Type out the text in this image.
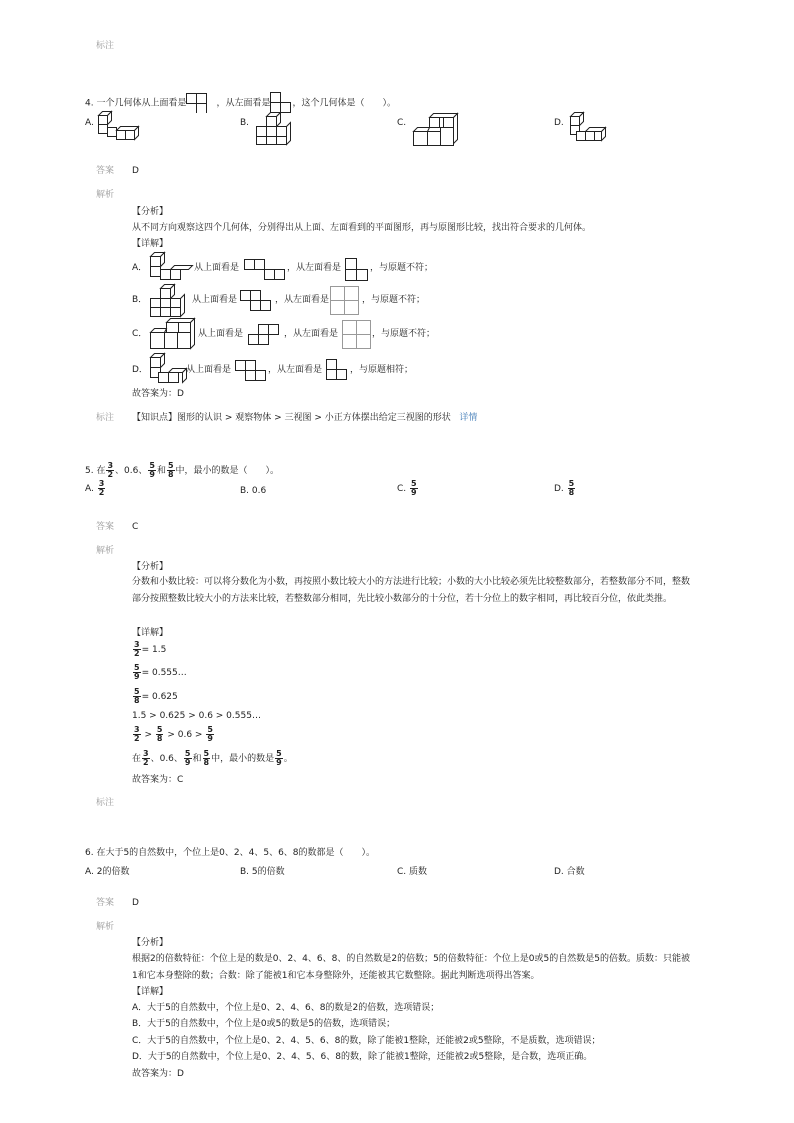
标注
4. 一个几何体从上面看是	，从左面看是 ，这个几何体是（　　）。
A.	B.	C.	D.
答案 D
解析
【分析】
从不同方向观察这四个几何体，分别得出从上面、左面看到的平面图形，再与原图形比较，找出符合要求的几何体。
【详解】
A．	从上面看是	，从左面看是	，与原题不符；
B．	从上面看是	，从左面看是	，与原题不符；
C．	从上面看是	，从左面看是	，与原题不符；
D．	从上面看是	，从左面看是	，与原题相符；
故答案为：D
标注 【知识点】图形的认识 > 观察物体 > 三视图 > 小正方体摆出给定三视图的形状 详情
5. 在 $\frac{3}{2}$ 、0.6、 $\frac{5}{9}$ 和 $\frac{5}{8}$ 中，最小的数是（　　）。
A. $\frac{3}{2}$	B. 0.6	C. $\frac{5}{9}$	D. $\frac{5}{8}$
答案 C
解析
【分析】
分数和小数比较：可以将分数化为小数，再按照小数比较大小的方法进行比较；小数的大小比较必须先比较整数部分，若整数部分不同，整数部分按照整数比较大小的方法来比较，若整数部分相同，先比较小数部分的十分位，若十分位上的数字相同，再比较百分位，依此类推。
【详解】
$\frac{3}{2} = 1.5$
$\frac{5}{9}$ = 0.555…
$\frac{5}{8} = 0.625$
1.5 > 0.625 > 0.6 > 0.555…
$\frac{3}{2} > \frac{5}{8} > 0.6 > \frac{5}{9}$
在 $\frac{3}{2}$ 、0.6、 $\frac{5}{9}$ 和 $\frac{5}{8}$ 中，最小的数是 $\frac{5}{9}$ 。
故答案为：C
标注
6. 在大于5的自然数中，个位上是0、2、4、5、6、8的数都是（　　）。
A. 2的倍数	B. 5的倍数	C. 质数	D. 合数
答案 D
解析
【分析】
根据2的倍数特征：个位上是的数是0、2、4、6、8、的自然数是2的倍数；5的倍数特征：个位上是0或5的自然数是5的倍数。质数：只能被1和它本身整除的数；合数：除了能被1和它本身整除外，还能被其它数整除。据此判断选项得出答案。
【详解】
A．大于5的自然数中，个位上是0、2、4、6、8的数是2的倍数，选项错误；
B．大于5的自然数中，个位上是0或5的数是5的倍数，选项错误；
C．大于5的自然数中，个位上是0、2、4、5、6、8的数，除了能被1整除，还能被2或5整除，不是质数，选项错误；
D．大于5的自然数中，个位上是0、2、4、5、6、8的数，除了能被1整除，还能被2或5整除，是合数，选项正确。
故答案为：D
